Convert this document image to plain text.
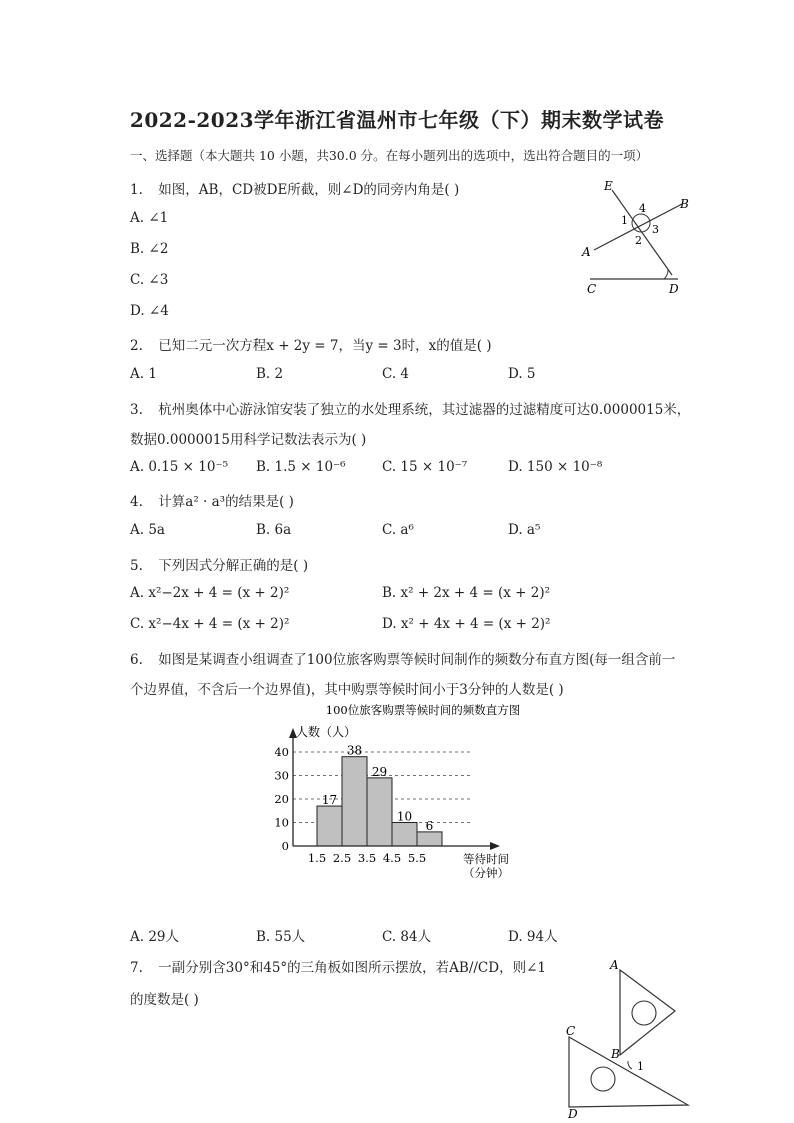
2022-2023学年浙江省温州市七年级（下）期末数学试卷
一、选择题（本大题共 10 小题，共30.0 分。在每小题列出的选项中，选出符合题目的一项）
1. 如图，AB，CD被DE所截，则∠D的同旁内角是( )
A. ∠1
B. ∠2
C. ∠3
D. ∠4
E
B
A
C	D
1
2
3
4
2. 已知二元一次方程x + 2y = 7，当y = 3时，x的值是( )
A. 1	B. 2	C. 4	D. 5
3. 杭州奥体中心游泳馆安装了独立的水处理系统，其过滤器的过滤精度可达0.0000015米，
数据0.0000015用科学记数法表示为( )
A. 0.15 × 10⁻⁵ B. 1.5 × 10⁻⁶	C. 15 × 10⁻⁷	D. 150 × 10⁻⁸
4. 计算a² · a³的结果是( )
A. 5a	B. 6a	C. a⁶	D. a⁵
5. 下列因式分解正确的是( )
A. x²−2x + 4 = (x + 2)²	B. x² + 2x + 4 = (x + 2)²
C. x²−4x + 4 = (x + 2)²	D. x² + 4x + 4 = (x + 2)²
6. 如图是某调查小组调查了100位旅客购票等候时间制作的频数分布直方图(每一组含前一
个边界值，不含后一个边界值)，其中购票等候时间小于3分钟的人数是( )
100位旅客购票等候时间的频数直方图
人数（人）
17
38
29
10
6
0
10
20
30
40
1.5 2.5 3.5 4.5 5.5	等待时间
（分钟）
A. 29人	B. 55人	C. 84人	D. 94人
7. 一副分别含30°和45°的三角板如图所示摆放，若AB//CD，则∠1
的度数是( )
A
C
B
1
D
